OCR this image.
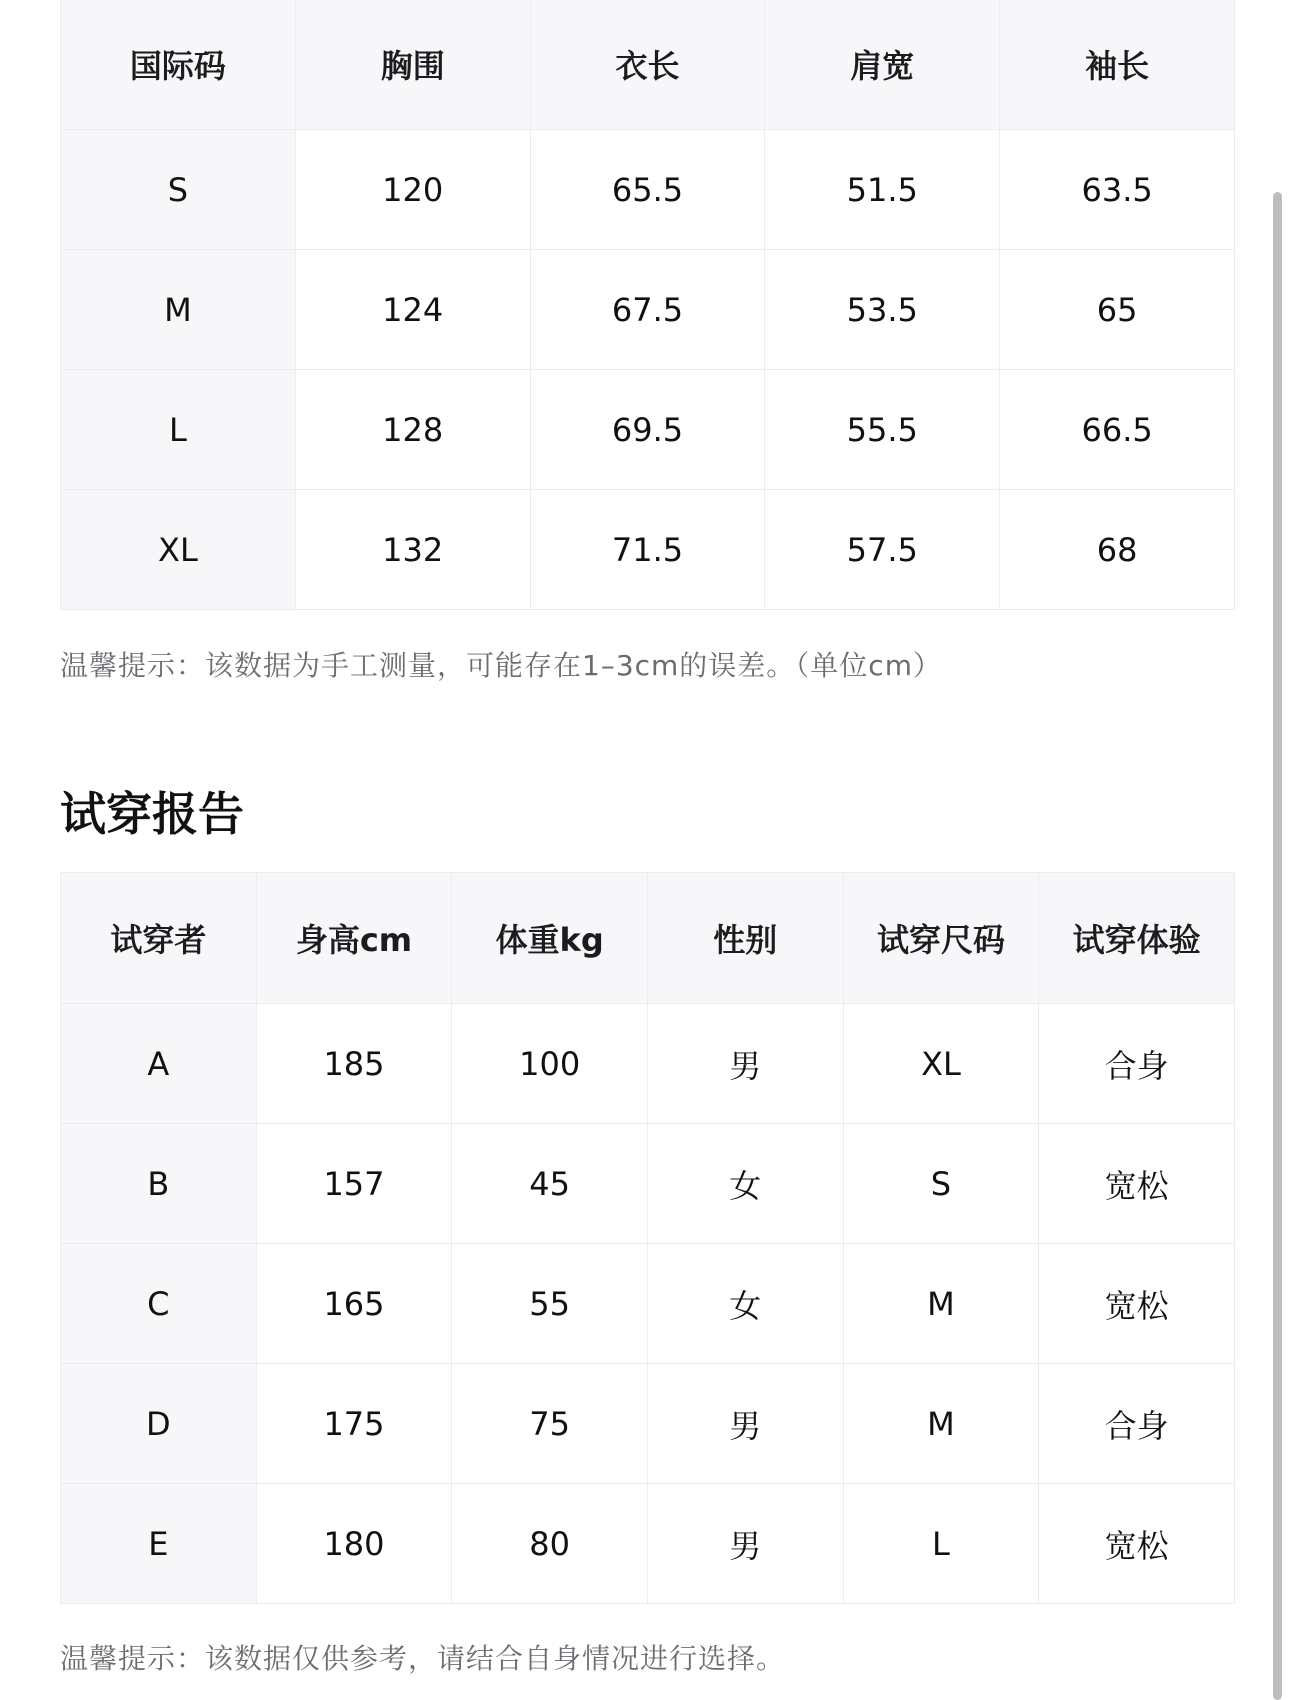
国际码	胸围	衣长	肩宽	袖长
S	120	65.5	51.5	63.5
M	124	67.5	53.5	65
L	128	69.5	55.5	66.5
XL	132	71.5	57.5	68
温馨提示：该数据为手工测量，可能存在1–3cm的误差。（单位cm）
试穿报告
试穿者	身高cm	体重kg	性别	试穿尺码	试穿体验
A	185	100	男	XL	合身
B	157	45	女	S	宽松
C	165	55	女	M	宽松
D	175	75	男	M	合身
E	180	80	男	L	宽松
温馨提示：该数据仅供参考，请结合自身情况进行选择。
